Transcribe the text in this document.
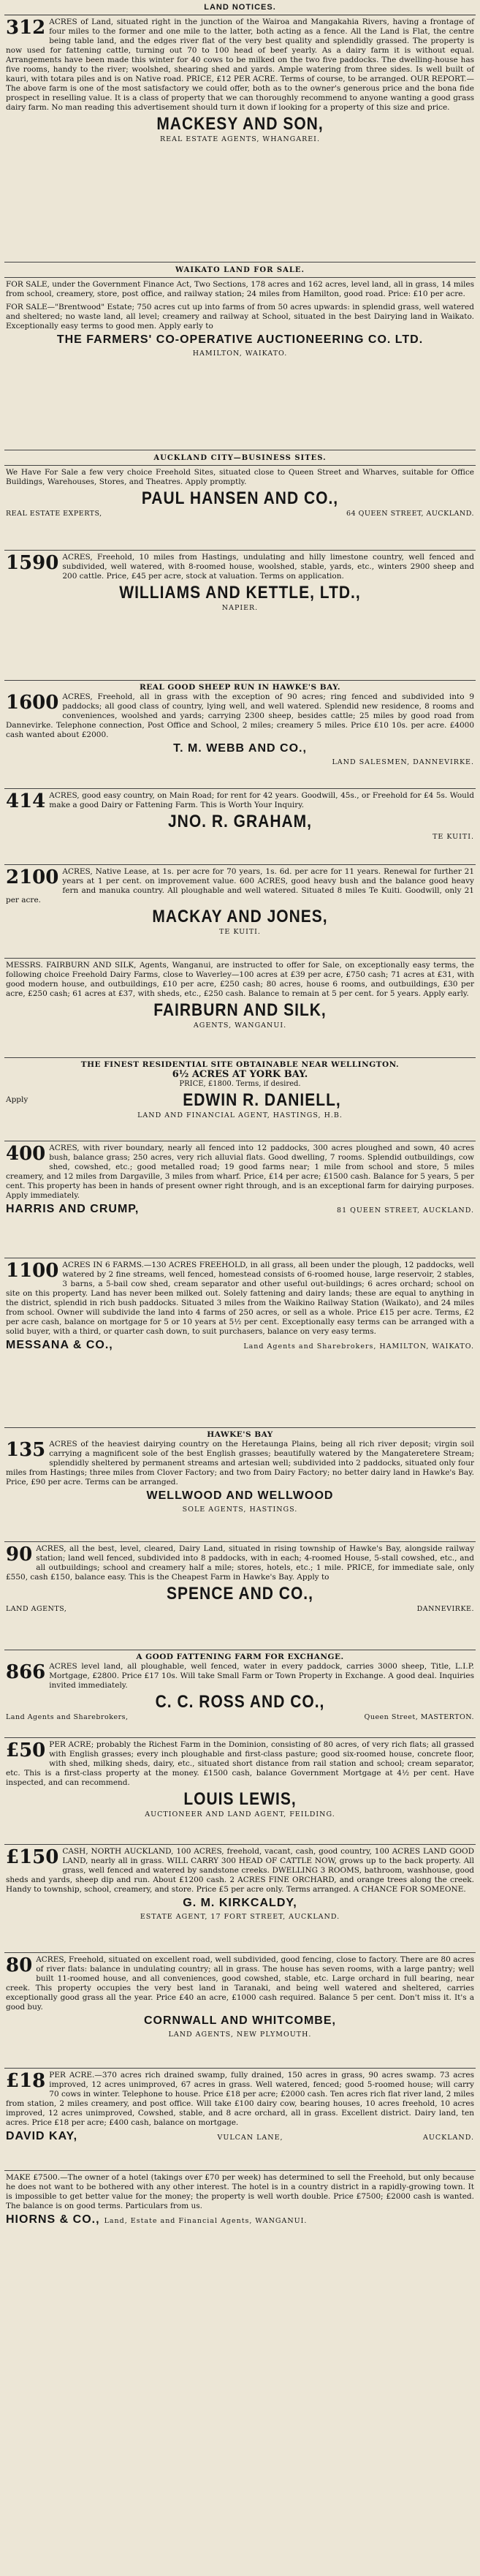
LAND NOTICES.
312 ACRES of Land, situated right in the junction of the Wairoa and Mangakahia Rivers, having a frontage of four miles to the former and one mile to the latter, both acting as a fence. All the Land is Flat, the centre being table land, and the edges river flat of the very best quality and splendidly grassed. The property is now used for fattening cattle, turning out 70 to 100 head of beef yearly. As a dairy farm it is without equal. Arrangements have been made this winter for 40 cows to be milked on the two five paddocks. The dwelling-house has five rooms, handy to the river; woolshed, shearing shed and yards. Ample watering from three sides. Is well built of kauri, with totara piles and is on Native road. PRICE, £12 PER ACRE. Terms of course, to be arranged. OUR REPORT.—The above farm is one of the most satisfactory we could offer, both as to the owner's generous price and the bona fide prospect in reselling value. It is a class of property that we can thoroughly recommend to anyone wanting a good grass dairy farm. No man reading this advertisement should turn it down if looking for a property of this size and price.
MACKESY AND SON,
REAL ESTATE AGENTS, WHANGAREI.
WAIKATO LAND FOR SALE.
FOR SALE, under the Government Finance Act, Two Sections, 178 acres and 162 acres, level land, all in grass, 14 miles from school, creamery, store, post office, and railway station; 24 miles from Hamilton, good road. Price: £10 per acre.
FOR SALE—"Brentwood" Estate; 750 acres cut up into farms of from 50 acres upwards: in splendid grass, well watered and sheltered; no waste land, all level; creamery and railway at School, situated in the best Dairying land in Waikato. Exceptionally easy terms to good men. Apply early to
THE FARMERS' CO-OPERATIVE AUCTIONEERING CO. LTD.
HAMILTON, WAIKATO.
AUCKLAND CITY—BUSINESS SITES.
We Have For Sale a few very choice Freehold Sites, situated close to Queen Street and Wharves, suitable for Office Buildings, Warehouses, Stores, and Theatres. Apply promptly.
PAUL HANSEN AND CO.,
REAL ESTATE EXPERTS,	64 QUEEN STREET, AUCKLAND.
1590 ACRES, Freehold, 10 miles from Hastings, undulating and hilly limestone country, well fenced and subdivided, well watered, with 8-roomed house, woolshed, stable, yards, etc., winters 2900 sheep and 200 cattle. Price, £45 per acre, stock at valuation. Terms on application.
WILLIAMS AND KETTLE, LTD.,
NAPIER.
REAL GOOD SHEEP RUN IN HAWKE'S BAY.
1600 ACRES, Freehold, all in grass with the exception of 90 acres; ring fenced and subdivided into 9 paddocks; all good class of country, lying well, and well watered. Splendid new residence, 8 rooms and conveniences, woolshed and yards; carrying 2300 sheep, besides cattle; 25 miles by good road from Dannevirke. Telephone connection, Post Office and School, 2 miles; creamery 5 miles. Price £10 10s. per acre. £4000 cash wanted about £2000.
T. M. WEBB AND CO.,
LAND SALESMEN, DANNEVIRKE.
414 ACRES, good easy country, on Main Road; for rent for 42 years. Goodwill, 45s., or Freehold for £4 5s. Would make a good Dairy or Fattening Farm. This is Worth Your Inquiry.
JNO. R. GRAHAM,
TE KUITI.
2100 ACRES, Native Lease, at 1s. per acre for 70 years, 1s. 6d. per acre for 11 years. Renewal for further 21 years at 1 per cent. on improvement value. 600 ACRES, good heavy bush and the balance good heavy fern and manuka country. All ploughable and well watered. Situated 8 miles Te Kuiti. Goodwill, only 21 per acre.
MACKAY AND JONES,
TE KUITI.
MESSRS. FAIRBURN AND SILK, Agents, Wanganui, are instructed to offer for Sale, on exceptionally easy terms, the following choice Freehold Dairy Farms, close to Waverley—100 acres at £39 per acre, £750 cash; 71 acres at £31, with good modern house, and outbuildings, £10 per acre, £250 cash; 80 acres, house 6 rooms, and outbuildings, £30 per acre, £250 cash; 61 acres at £37, with sheds, etc., £250 cash. Balance to remain at 5 per cent. for 5 years. Apply early.
FAIRBURN AND SILK,
AGENTS, WANGANUI.
THE FINEST RESIDENTIAL SITE OBTAINABLE NEAR WELLINGTON.
6½ ACRES AT YORK BAY.
PRICE, £1800. Terms, if desired.
Apply	EDWIN R. DANIELL,
LAND AND FINANCIAL AGENT, HASTINGS, H.B.
400 ACRES, with river boundary, nearly all fenced into 12 paddocks, 300 acres ploughed and sown, 40 acres bush, balance grass; 250 acres, very rich alluvial flats. Good dwelling, 7 rooms. Splendid outbuildings, cow shed, cowshed, etc.; good metalled road; 19 good farms near; 1 mile from school and store, 5 miles creamery, and 12 miles from Dargaville, 3 miles from wharf. Price, £14 per acre; £1500 cash. Balance for 5 years, 5 per cent. This property has been in hands of present owner right through, and is an exceptional farm for dairying purposes. Apply immediately.
HARRIS AND CRUMP,	81 QUEEN STREET, AUCKLAND.
1100 ACRES IN 6 FARMS.—130 ACRES FREEHOLD, in all grass, all been under the plough, 12 paddocks, well watered by 2 fine streams, well fenced, homestead consists of 6-roomed house, large reservoir, 2 stables, 3 barns, a 5-bail cow shed, cream separator and other useful out-buildings; 6 acres orchard; school on site on this property. Land has never been milked out. Solely fattening and dairy lands; these are equal to anything in the district, splendid in rich bush paddocks. Situated 3 miles from the Waikino Railway Station (Waikato), and 24 miles from school. Owner will subdivide the land into 4 farms of 250 acres, or sell as a whole. Price £15 per acre. Terms, £2 per acre cash, balance on mortgage for 5 or 10 years at 5½ per cent. Exceptionally easy terms can be arranged with a solid buyer, with a third, or quarter cash down, to suit purchasers, balance on very easy terms.
MESSANA & CO.,	Land Agents and Sharebrokers, HAMILTON, WAIKATO.
HAWKE'S BAY
135 ACRES of the heaviest dairying country on the Heretaunga Plains, being all rich river deposit; virgin soil carrying a magnificent sole of the best English grasses; beautifully watered by the Mangateretere Stream; splendidly sheltered by permanent streams and artesian well; subdivided into 2 paddocks, situated only four miles from Hastings; three miles from Clover Factory; and two from Dairy Factory; no better dairy land in Hawke's Bay. Price, £90 per acre. Terms can be arranged.
WELLWOOD AND WELLWOOD
SOLE AGENTS, HASTINGS.
90 ACRES, all the best, level, cleared, Dairy Land, situated in rising township of Hawke's Bay, alongside railway station; land well fenced, subdivided into 8 paddocks, with in each; 4-roomed House, 5-stall cowshed, etc., and all outbuildings; school and creamery half a mile; stores, hotels, etc.; 1 mile. PRICE, for immediate sale, only £550, cash £150, balance easy. This is the Cheapest Farm in Hawke's Bay. Apply to
SPENCE AND CO.,
LAND AGENTS,	DANNEVIRKE.
A GOOD FATTENING FARM FOR EXCHANGE.
866 ACRES level land, all ploughable, well fenced, water in every paddock, carries 3000 sheep, Title, L.I.P. Mortgage, £2800. Price £17 10s. Will take Small Farm or Town Property in Exchange. A good deal. Inquiries invited immediately.
C. C. ROSS AND CO.,
Land Agents and Sharebrokers,	Queen Street, MASTERTON.
£50 PER ACRE; probably the Richest Farm in the Dominion, consisting of 80 acres, of very rich flats; all grassed with English grasses; every inch ploughable and first-class pasture; good six-roomed house, concrete floor, with shed, milking sheds, dairy, etc., situated short distance from rail station and school; cream separator, etc. This is a first-class property at the money. £1500 cash, balance Government Mortgage at 4½ per cent. Have inspected, and can recommend.
LOUIS LEWIS,
AUCTIONEER AND LAND AGENT, FEILDING.
£150 CASH, NORTH AUCKLAND, 100 ACRES, freehold, vacant, cash, good country, 100 ACRES LAND GOOD LAND, nearly all in grass. WILL CARRY 300 HEAD OF CATTLE NOW, grows up to the back property. All grass, well fenced and watered by sandstone creeks. DWELLING 3 ROOMS, bathroom, washhouse, good sheds and yards, sheep dip and run. About £1200 cash. 2 ACRES FINE ORCHARD, and orange trees along the creek. Handy to township, school, creamery, and store. Price £5 per acre only. Terms arranged. A CHANCE FOR SOMEONE.
G. M. KIRKCALDY,
ESTATE AGENT, 17 FORT STREET, AUCKLAND.
80 ACRES, Freehold, situated on excellent road, well subdivided, good fencing, close to factory. There are 80 acres of river flats: balance in undulating country; all in grass. The house has seven rooms, with a large pantry; well built 11-roomed house, and all conveniences, good cowshed, stable, etc. Large orchard in full bearing, near creek. This property occupies the very best land in Taranaki, and being well watered and sheltered, carries exceptionally good grass all the year. Price £40 an acre, £1000 cash required. Balance 5 per cent. Don't miss it. It's a good buy.
CORNWALL AND WHITCOMBE,
LAND AGENTS, NEW PLYMOUTH.
£18 PER ACRE.—370 acres rich drained swamp, fully drained, 150 acres in grass, 90 acres swamp. 73 acres improved, 12 acres unimproved, 67 acres in grass. Well watered, fenced; good 5-roomed house; will carry 70 cows in winter. Telephone to house. Price £18 per acre; £2000 cash. Ten acres rich flat river land, 2 miles from station, 2 miles creamery, and post office. Will take £100 dairy cow, bearing houses, 10 acres freehold, 10 acres improved, 12 acres unimproved, Cowshed, stable, and 8 acre orchard, all in grass. Excellent district. Dairy land, ten acres. Price £18 per acre; £400 cash, balance on mortgage.
DAVID KAY,	VULCAN LANE,	AUCKLAND.
MAKE £7500.—The owner of a hotel (takings over £70 per week) has determined to sell the Freehold, but only because he does not want to be bothered with any other interest. The hotel is in a country district in a rapidly-growing town. It is impossible to get better value for the money; the property is well worth double. Price £7500; £2000 cash is wanted. The balance is on good terms. Particulars from us.
HIORNS & CO., Land, Estate and Financial Agents, WANGANUI.
